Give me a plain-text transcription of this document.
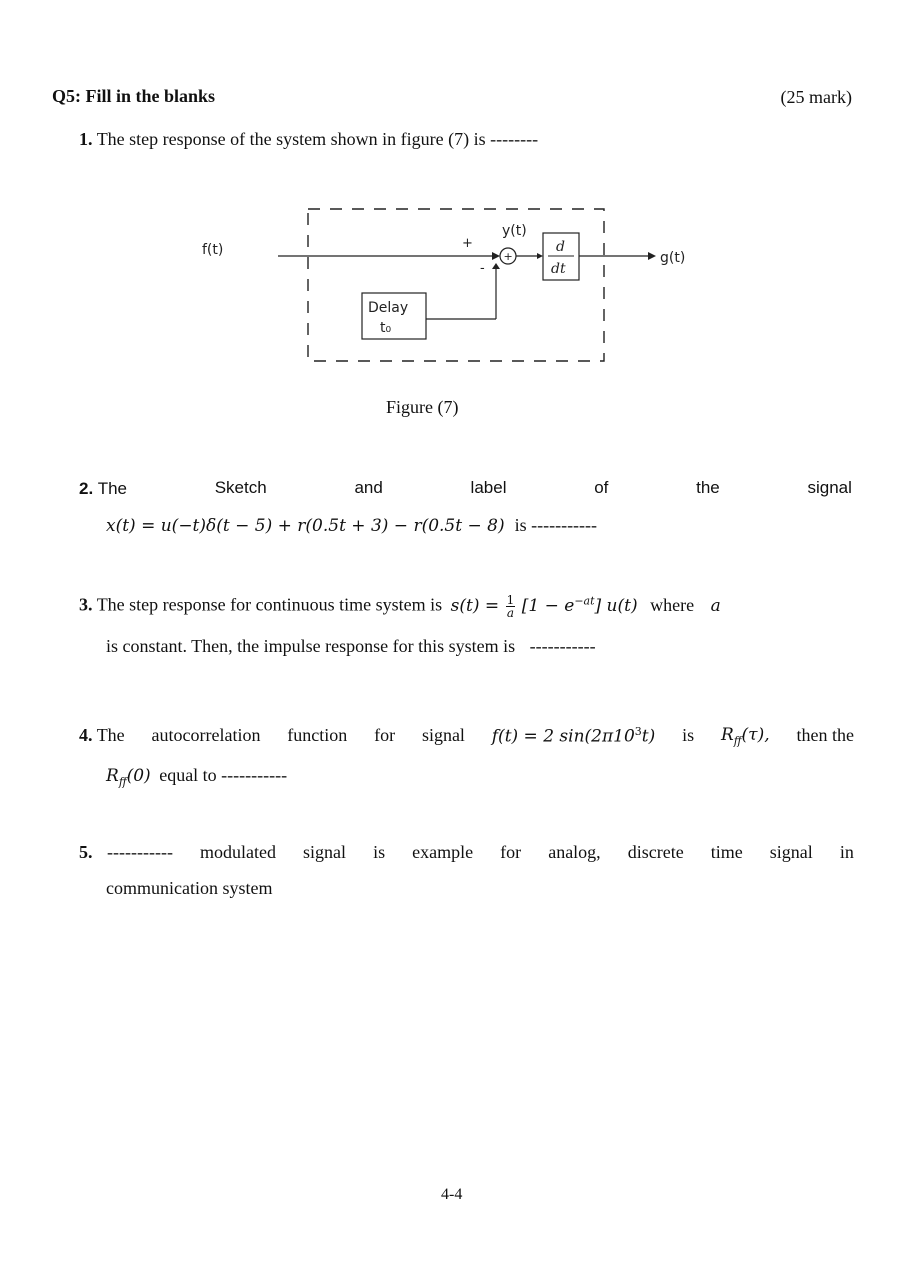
Q5: Fill in the blanks	(25 mark)
1. The step response of the system shown in figure (7) is --------
f(t)	+
+
-
y(t)
d
dt
g(t)
Delay
t₀
Figure (7)
2. The	Sketch	and	label	of	the	signal
x(t) = u(−t)δ(t − 5) + r(0.5t + 3) − r(0.5t − 8) is -----------
3. The step response for continuous time system is $s(t) = \frac{1}{a} [1 - e^{-at}]$ u(t) where a
is constant. Then, the impulse response for this system is -----------
4. The autocorrelation function for signal f(t) = 2 $\sin(2\pi 10^3t)$ is $R_{ff}(\tau)$, then the
$R_{ff}(0)$ equal to -----------
5. ----------- modulated signal is example for analog, discrete time signal in
communication system
4-4
